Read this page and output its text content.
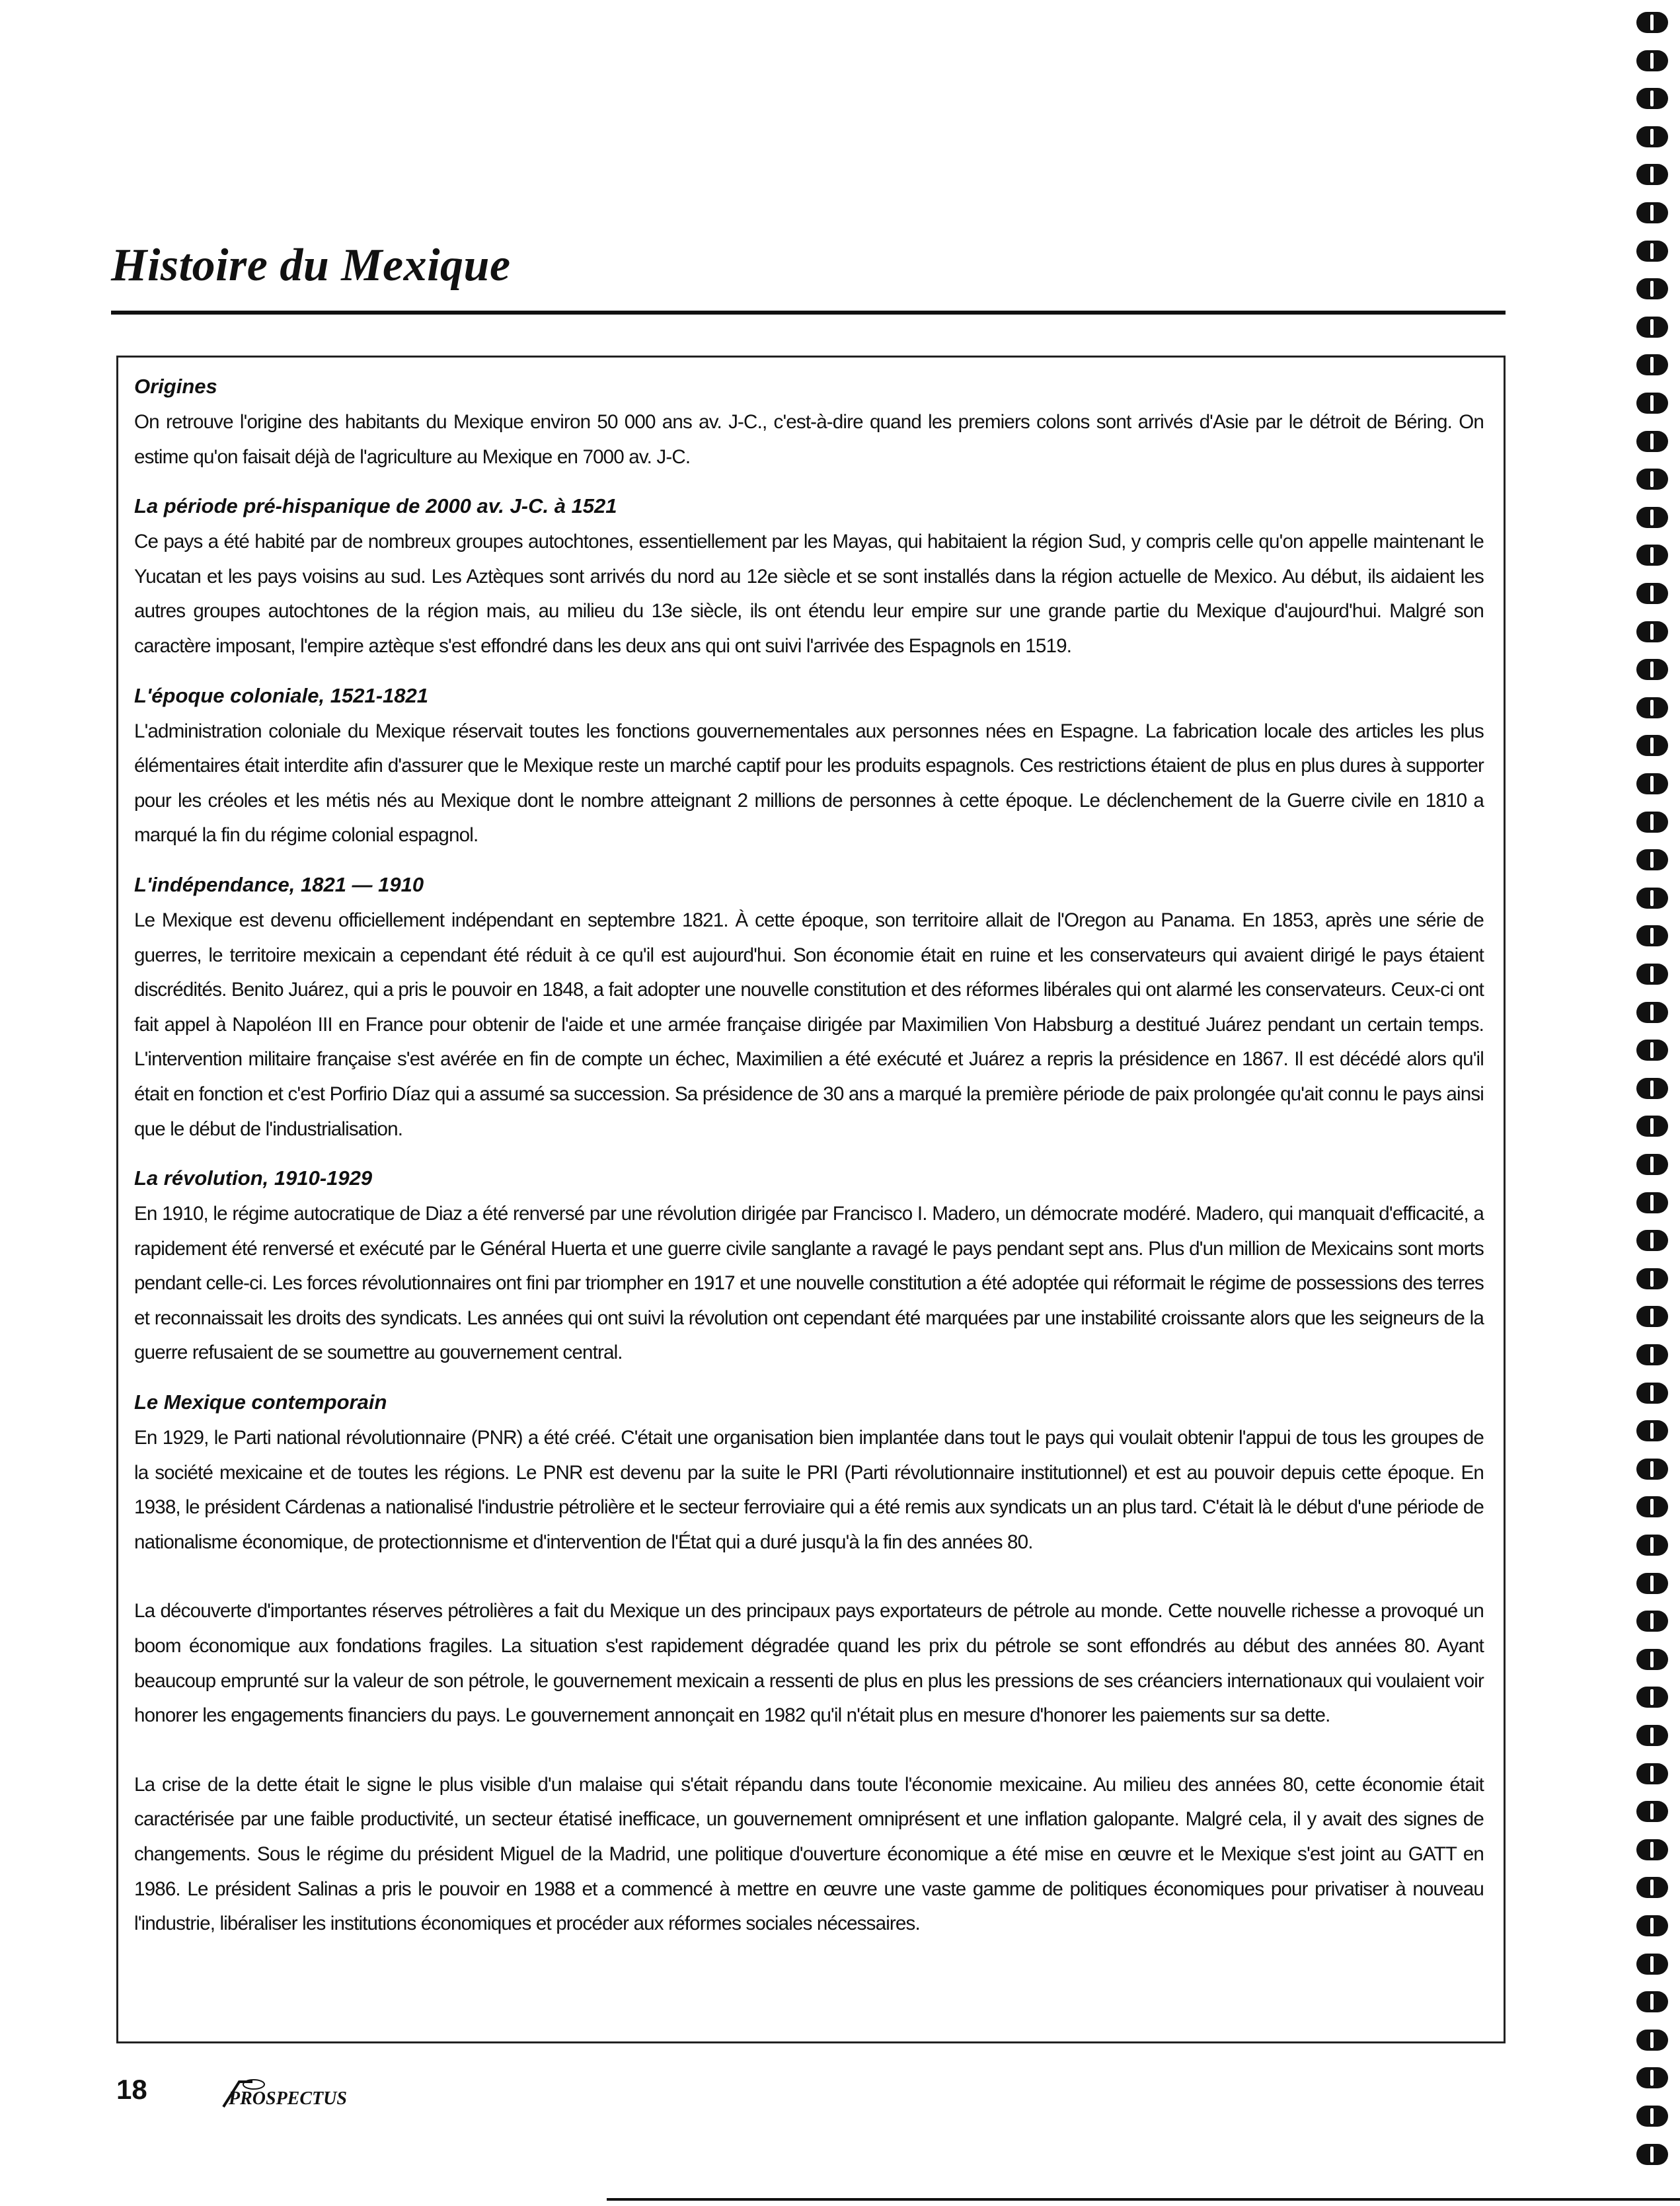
Histoire du Mexique
Origines

On retrouve l'origine des habitants du Mexique environ 50 000 ans av. J-C., c'est-à-dire quand les premiers colons sont arrivés d'Asie par le détroit de Béring. On estime qu'on faisait déjà de l'agriculture au Mexique en 7000 av. J-C.

La période pré-hispanique de 2000 av. J-C. à 1521

Ce pays a été habité par de nombreux groupes autochtones, essentiellement par les Mayas, qui habitaient la région Sud, y compris celle qu'on appelle maintenant le Yucatan et les pays voisins au sud. Les Aztèques sont arrivés du nord au 12e siècle et se sont installés dans la région actuelle de Mexico. Au début, ils aidaient les autres groupes autochtones de la région mais, au milieu du 13e siècle, ils ont étendu leur empire sur une grande partie du Mexique d'aujourd'hui. Malgré son caractère imposant, l'empire aztèque s'est effondré dans les deux ans qui ont suivi l'arrivée des Espagnols en 1519.

L'époque coloniale, 1521-1821

L'administration coloniale du Mexique réservait toutes les fonctions gouvernementales aux personnes nées en Espagne. La fabrication locale des articles les plus élémentaires était interdite afin d'assurer que le Mexique reste un marché captif pour les produits espagnols. Ces restrictions étaient de plus en plus dures à supporter pour les créoles et les métis nés au Mexique dont le nombre atteignant 2 millions de personnes à cette époque. Le déclenchement de la Guerre civile en 1810 a marqué la fin du régime colonial espagnol.

L'indépendance, 1821 — 1910

Le Mexique est devenu officiellement indépendant en septembre 1821. À cette époque, son territoire allait de l'Oregon au Panama. En 1853, après une série de guerres, le territoire mexicain a cependant été réduit à ce qu'il est aujourd'hui. Son économie était en ruine et les conservateurs qui avaient dirigé le pays étaient discrédités. Benito Juárez, qui a pris le pouvoir en 1848, a fait adopter une nouvelle constitution et des réformes libérales qui ont alarmé les conservateurs. Ceux-ci ont fait appel à Napoléon III en France pour obtenir de l'aide et une armée française dirigée par Maximilien Von Habsburg a destitué Juárez pendant un certain temps. L'intervention militaire française s'est avérée en fin de compte un échec, Maximilien a été exécuté et Juárez a repris la présidence en 1867. Il est décédé alors qu'il était en fonction et c'est Porfirio Díaz qui a assumé sa succession. Sa présidence de 30 ans a marqué la première période de paix prolongée qu'ait connu le pays ainsi que le début de l'industrialisation.

La révolution, 1910-1929

En 1910, le régime autocratique de Diaz a été renversé par une révolution dirigée par Francisco I. Madero, un démocrate modéré. Madero, qui manquait d'efficacité, a rapidement été renversé et exécuté par le Général Huerta et une guerre civile sanglante a ravagé le pays pendant sept ans. Plus d'un million de Mexicains sont morts pendant celle-ci. Les forces révolutionnaires ont fini par triompher en 1917 et une nouvelle constitution a été adoptée qui réformait le régime de possessions des terres et reconnaissait les droits des syndicats. Les années qui ont suivi la révolution ont cependant été marquées par une instabilité croissante alors que les seigneurs de la guerre refusaient de se soumettre au gouvernement central.

Le Mexique contemporain

En 1929, le Parti national révolutionnaire (PNR) a été créé. C'était une organisation bien implantée dans tout le pays qui voulait obtenir l'appui de tous les groupes de la société mexicaine et de toutes les régions. Le PNR est devenu par la suite le PRI (Parti révolutionnaire institutionnel) et est au pouvoir depuis cette époque. En 1938, le président Cárdenas a nationalisé l'industrie pétrolière et le secteur ferroviaire qui a été remis aux syndicats un an plus tard. C'était là le début d'une période de nationalisme économique, de protectionnisme et d'intervention de l'État qui a duré jusqu'à la fin des années 80.

La découverte d'importantes réserves pétrolières a fait du Mexique un des principaux pays exportateurs de pétrole au monde. Cette nouvelle richesse a provoqué un boom économique aux fondations fragiles. La situation s'est rapidement dégradée quand les prix du pétrole se sont effondrés au début des années 80. Ayant beaucoup emprunté sur la valeur de son pétrole, le gouvernement mexicain a ressenti de plus en plus les pressions de ses créanciers internationaux qui voulaient voir honorer les engagements financiers du pays. Le gouvernement annonçait en 1982 qu'il n'était plus en mesure d'honorer les paiements sur sa dette.

La crise de la dette était le signe le plus visible d'un malaise qui s'était répandu dans toute l'économie mexicaine. Au milieu des années 80, cette économie était caractérisée par une faible productivité, un secteur étatisé inefficace, un gouvernement omniprésent et une inflation galopante. Malgré cela, il y avait des signes de changements. Sous le régime du président Miguel de la Madrid, une politique d'ouverture économique a été mise en œuvre et le Mexique s'est joint au GATT en 1986. Le président Salinas a pris le pouvoir en 1988 et a commencé à mettre en œuvre une vaste gamme de politiques économiques pour privatiser à nouveau l'industrie, libéraliser les institutions économiques et procéder aux réformes sociales nécessaires.

18	PROSPECTUS
